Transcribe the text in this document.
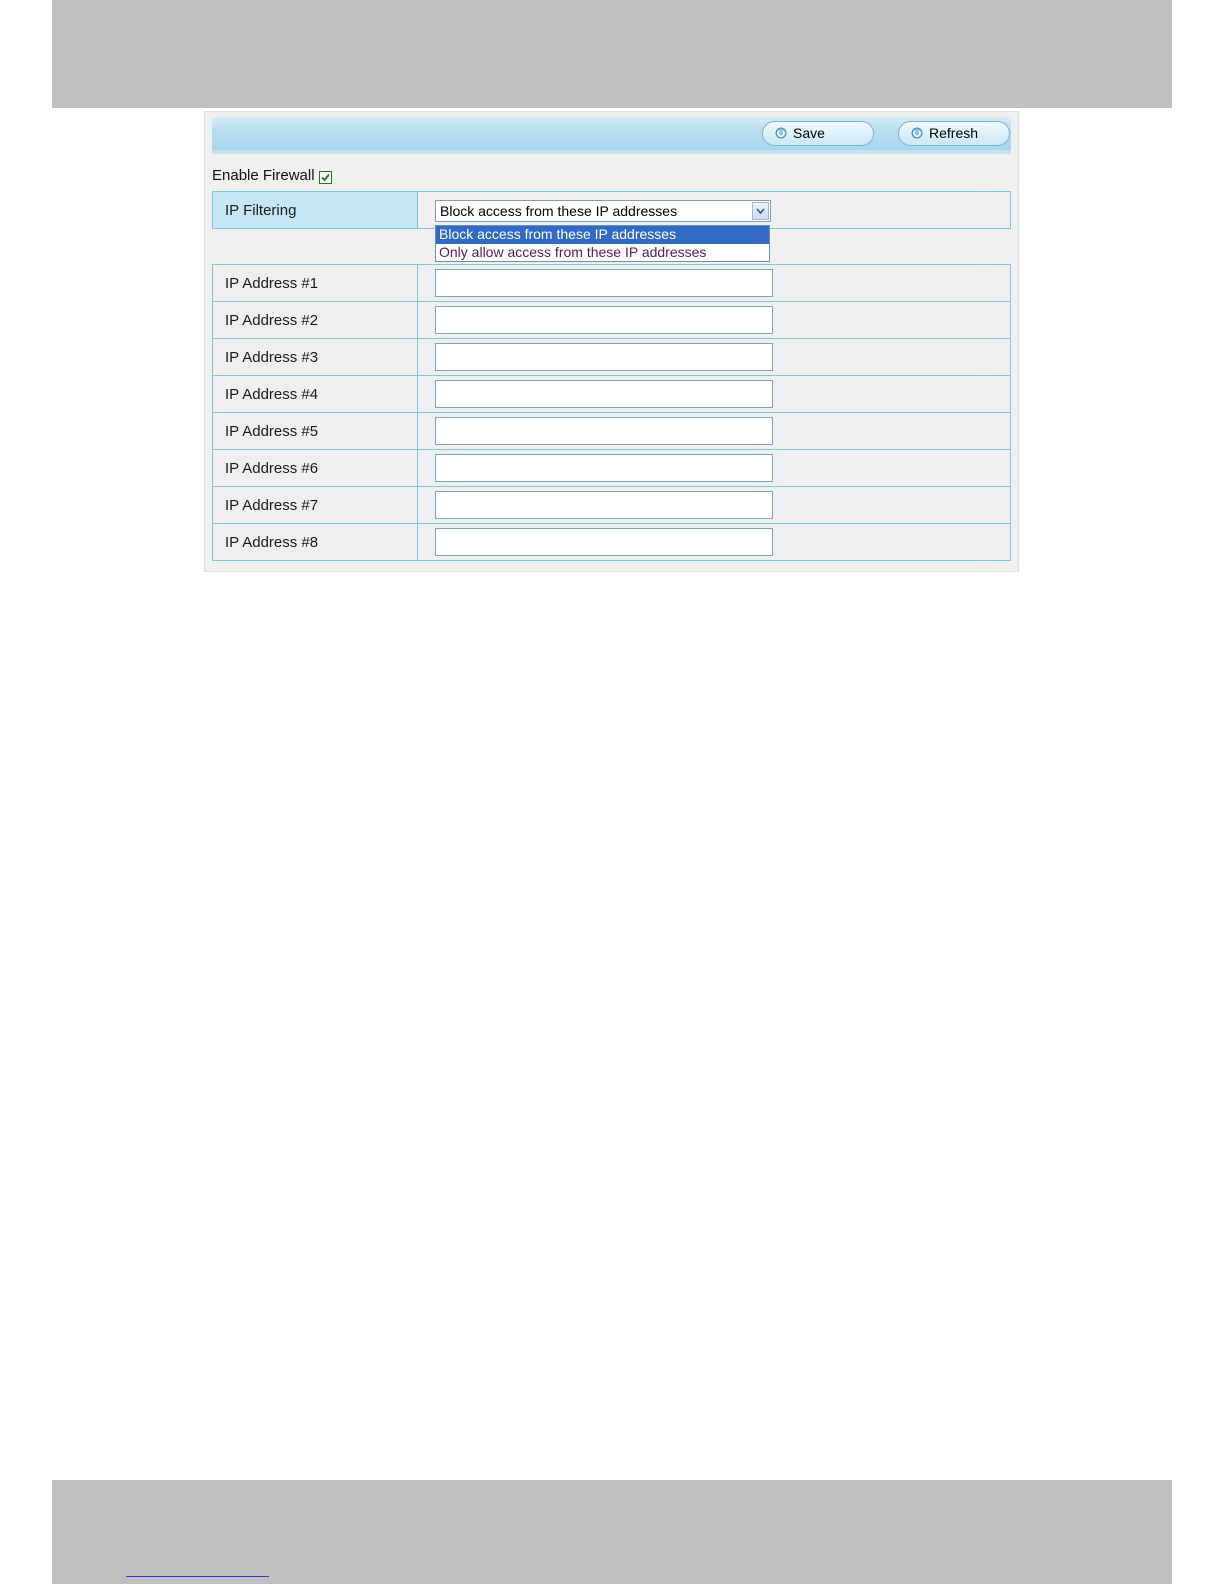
Save	Refresh
Enable Firewall
IP Filtering	Block access from these IP addresses
IP Address #1
IP Address #2
IP Address #3
IP Address #4
IP Address #5
IP Address #6
IP Address #7
IP Address #8
Block access from these IP addresses
Only allow access from these IP addresses
